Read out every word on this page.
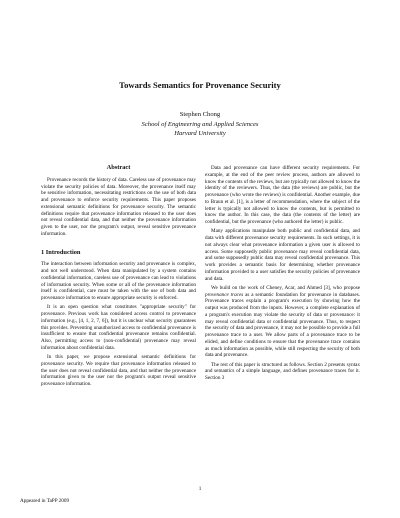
Towards Semantics for Provenance Security
Stephen Chong
School of Engineering and Applied Sciences
Harvard University
Abstract

Provenance records the history of data. Careless use of provenance may violate the security policies of data. Moreover, the provenance itself may be sensitive information, necessitating restrictions on the use of both data and provenance to enforce security requirements. This paper proposes extensional semantic definitions for provenance security. The semantic definitions require that provenance information released to the user does not reveal confidential data, and that neither the provenance information given to the user, nor the program's output, reveal sensitive provenance information.

1 Introduction

The interaction between information security and provenance is complex, and not well understood. When data manipulated by a system contains confidential information, careless use of provenance can lead to violations of information security. When some or all of the provenance information itself is confidential, care must be taken with the use of both data and provenance information to ensure appropriate security is enforced.

It is an open question what constitutes "appropriate security" for provenance. Previous work has considered access control to provenance information (e.g., [4, 1, 2, 7, 6]), but it is unclear what security guarantees this provides. Preventing unauthorized access to confidential provenance is insufficient to ensure that confidential provenance remains confidential. Also, permitting access to (non-confidential) provenance may reveal information about confidential data.

In this paper, we propose extensional semantic definitions for provenance security. We require that provenance information released to the user does not reveal confidential data, and that neither the provenance information given to the user nor the program's output reveal sensitive provenance information.

Data and provenance can have different security requirements. For example, at the end of the peer review process, authors are allowed to know the contents of the reviews, but are typically not allowed to know the identity of the reviewers. Thus, the data (the reviews) are public, but the provenance (who wrote the reviews) is confidential. Another example, due to Braun et al. [1], is a letter of recommendation, where the subject of the letter is typically not allowed to know the contents, but is permitted to know the author. In this case, the data (the contents of the letter) are confidential, but the provenance (who authored the letter) is public.

Many applications manipulate both public and confidential data, and data with different provenance security requirements. In such settings, it is not always clear what provenance information a given user is allowed to access. Some supposedly public provenance may reveal confidential data, and some supposedly public data may reveal confidential provenance. This work provides a semantic basis for determining whether provenance information provided to a user satisfies the security policies of provenance and data.

We build on the work of Cheney, Acar, and Ahmed [3], who propose provenance traces as a semantic foundation for provenance in databases. Provenance traces explain a program's execution by showing how the output was produced from the inputs. However, a complete explanation of a program's execution may violate the security of data or provenance: it may reveal confidential data or confidential provenance. Thus, to respect the security of data and provenance, it may not be possible to provide a full provenance trace to a user. We allow parts of a provenance trace to be elided, and define conditions to ensure that the provenance trace contains as much information as possible, while still respecting the security of both data and provenance.

The rest of this paper is structured as follows. Section 2 presents syntax and semantics of a simple language, and defines provenance traces for it. Section 3

1
Appeared in TaPP 2009
